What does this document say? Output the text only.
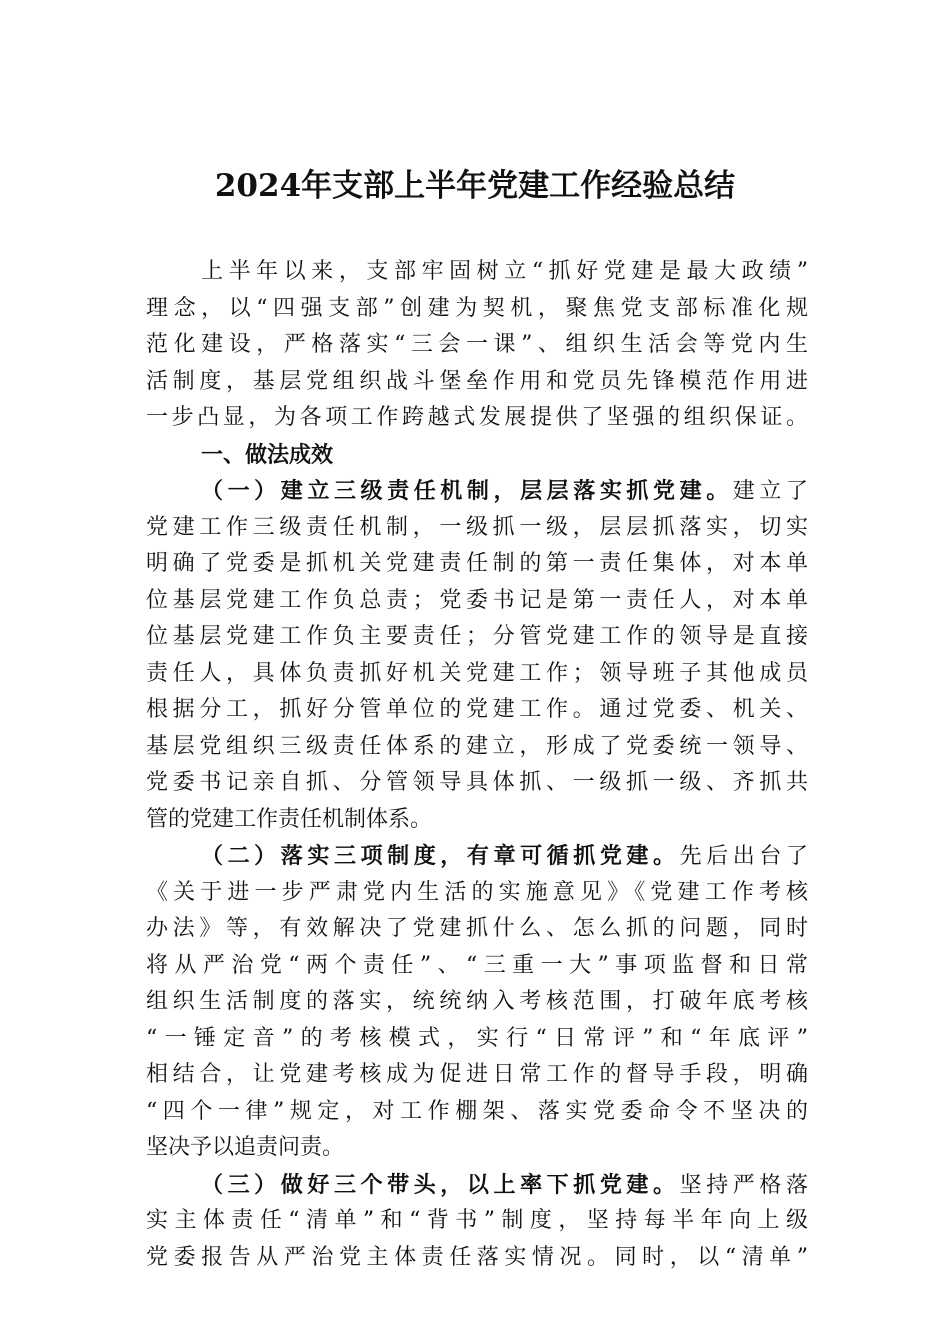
2024年支部上半年党建工作经验总结
上半年以来，支部牢固树立“抓好党建是最大政绩”
理念，以“四强支部”创建为契机，聚焦党支部标准化规
范化建设，严格落实“三会一课”、组织生活会等党内生
活制度，基层党组织战斗堡垒作用和党员先锋模范作用进
一步凸显，为各项工作跨越式发展提供了坚强的组织保证。
一、做法成效
（一）建立三级责任机制，层层落实抓党建。建立了
党建工作三级责任机制，一级抓一级，层层抓落实，切实
明确了党委是抓机关党建责任制的第一责任集体，对本单
位基层党建工作负总责；党委书记是第一责任人，对本单
位基层党建工作负主要责任；分管党建工作的领导是直接
责任人，具体负责抓好机关党建工作；领导班子其他成员
根据分工，抓好分管单位的党建工作。通过党委、机关、
基层党组织三级责任体系的建立，形成了党委统一领导、
党委书记亲自抓、分管领导具体抓、一级抓一级、齐抓共
管的党建工作责任机制体系。
（二）落实三项制度，有章可循抓党建。先后出台了
《关于进一步严肃党内生活的实施意见》《党建工作考核
办法》等，有效解决了党建抓什么、怎么抓的问题，同时
将从严治党“两个责任”、“三重一大”事项监督和日常
组织生活制度的落实，统统纳入考核范围，打破年底考核
“一锤定音”的考核模式，实行“日常评”和“年底评”
相结合，让党建考核成为促进日常工作的督导手段，明确
“四个一律”规定，对工作棚架、落实党委命令不坚决的
坚决予以追责问责。
（三）做好三个带头，以上率下抓党建。坚持严格落
实主体责任“清单”和“背书”制度，坚持每半年向上级
党委报告从严治党主体责任落实情况。同时，以“清单”
